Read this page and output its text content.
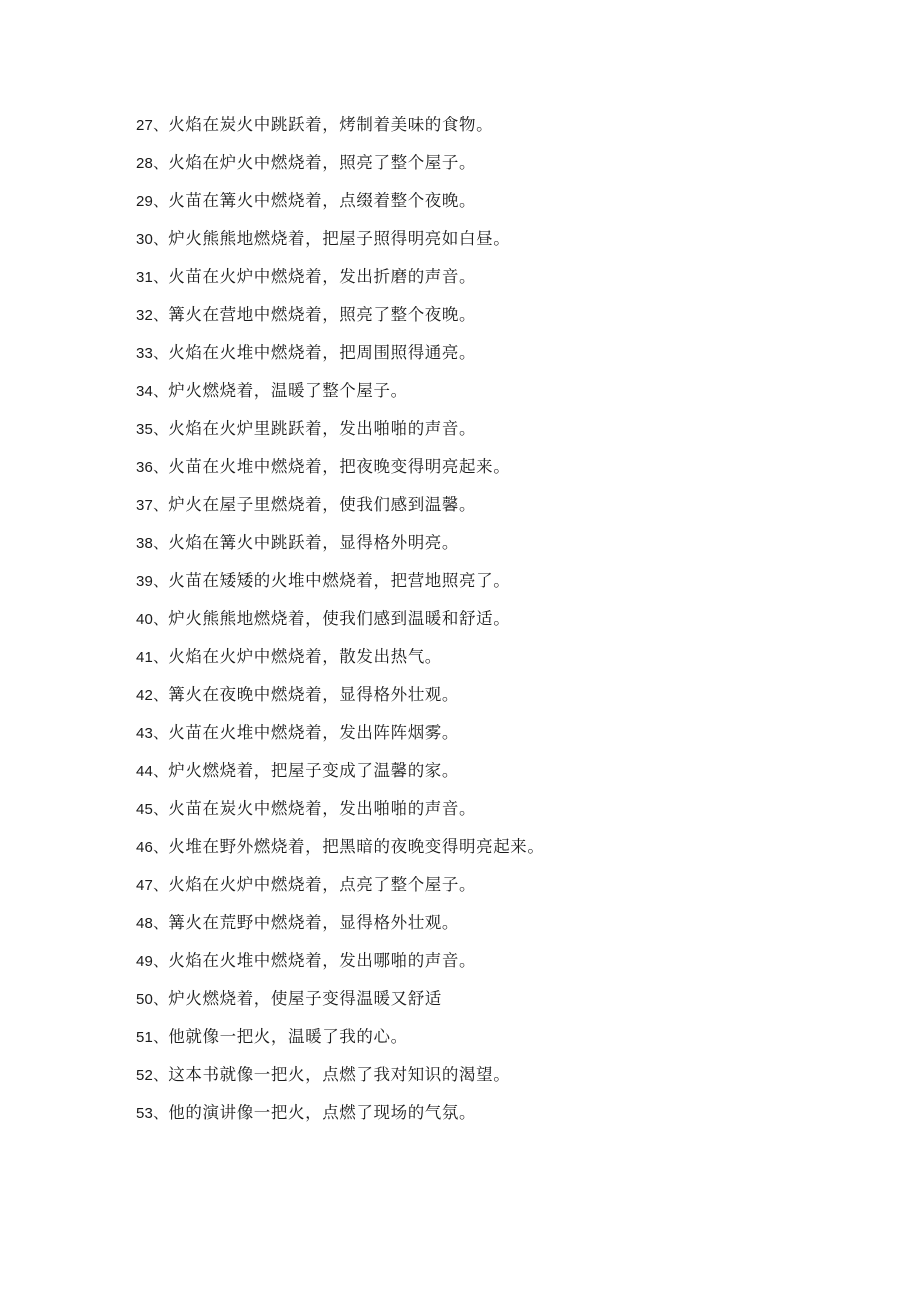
27、火焰在炭火中跳跃着，烤制着美味的食物。
28、火焰在炉火中燃烧着，照亮了整个屋子。
29、火苗在篝火中燃烧着，点缀着整个夜晚。
30、炉火熊熊地燃烧着，把屋子照得明亮如白昼。
31、火苗在火炉中燃烧着，发出折磨的声音。
32、篝火在营地中燃烧着，照亮了整个夜晚。
33、火焰在火堆中燃烧着，把周围照得通亮。
34、炉火燃烧着，温暖了整个屋子。
35、火焰在火炉里跳跃着，发出啪啪的声音。
36、火苗在火堆中燃烧着，把夜晚变得明亮起来。
37、炉火在屋子里燃烧着，使我们感到温馨。
38、火焰在篝火中跳跃着，显得格外明亮。
39、火苗在矮矮的火堆中燃烧着，把营地照亮了。
40、炉火熊熊地燃烧着，使我们感到温暖和舒适。
41、火焰在火炉中燃烧着，散发出热气。
42、篝火在夜晚中燃烧着，显得格外壮观。
43、火苗在火堆中燃烧着，发出阵阵烟雾。
44、炉火燃烧着，把屋子变成了温馨的家。
45、火苗在炭火中燃烧着，发出啪啪的声音。
46、火堆在野外燃烧着，把黑暗的夜晚变得明亮起来。
47、火焰在火炉中燃烧着，点亮了整个屋子。
48、篝火在荒野中燃烧着，显得格外壮观。
49、火焰在火堆中燃烧着，发出哪啪的声音。
50、炉火燃烧着，使屋子变得温暖又舒适
51、他就像一把火，温暖了我的心。
52、这本书就像一把火，点燃了我对知识的渴望。
53、他的演讲像一把火，点燃了现场的气氛。
